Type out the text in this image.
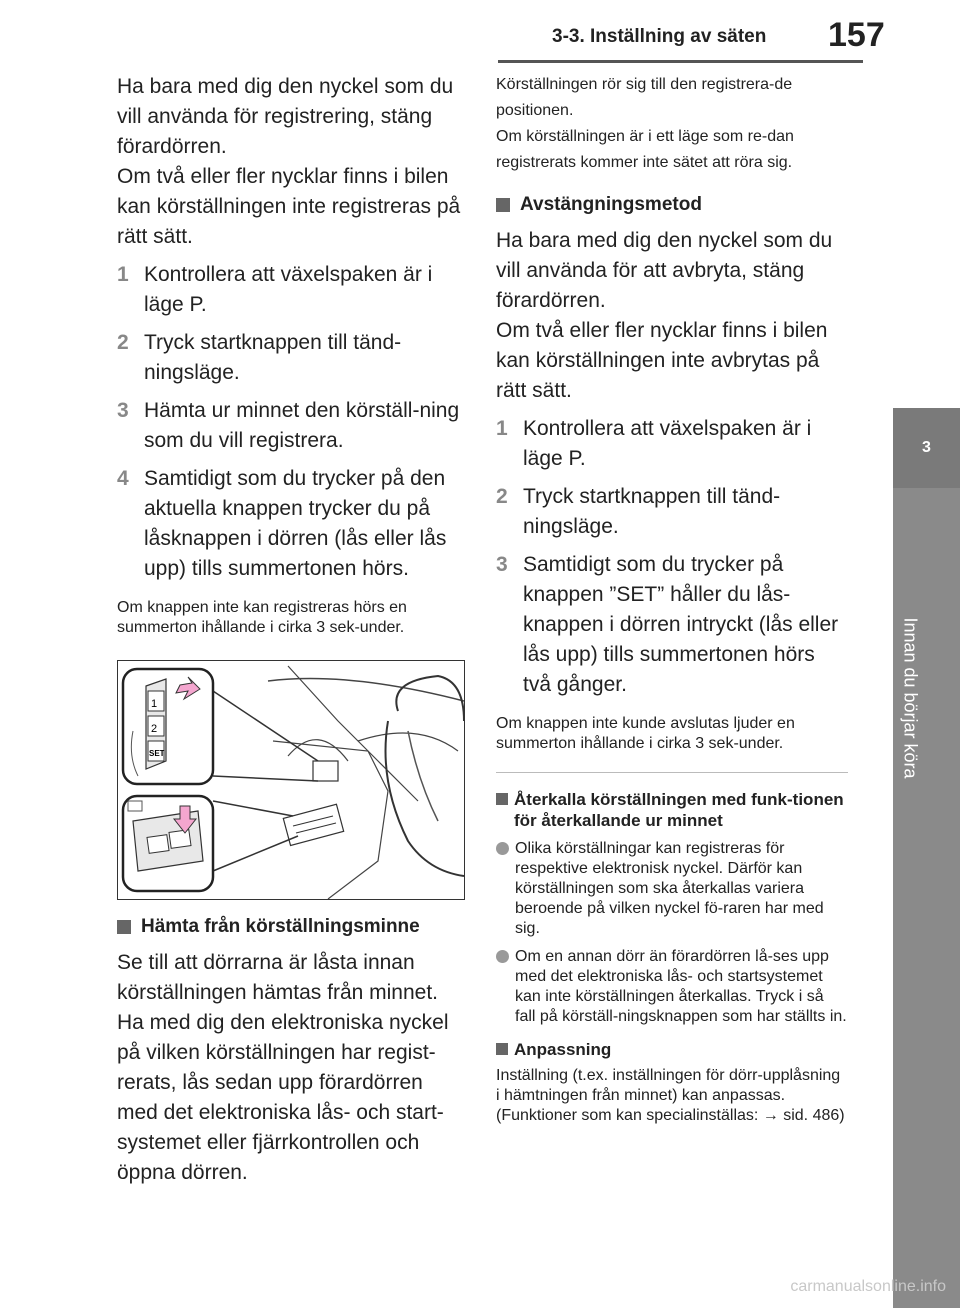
3-3. Inställning av säten 157
3
Innan du börjar köra

Ha bara med dig den nyckel som du vill använda för registrering, stäng förardörren.

Om två eller fler nycklar finns i bilen kan körställningen inte registreras på rätt sätt.

1 Kontrollera att växelspaken är i läge P.
2 Tryck startknappen till tänd-ningsläge.
3 Hämta ur minnet den körställ-ning som du vill registrera.
4 Samtidigt som du trycker på den aktuella knappen trycker du på låsknappen i dörren (lås eller lås upp) tills summertonen hörs.

Om knappen inte kan registreras hörs en summerton ihållande i cirka 3 sek-under.

1
2
SET
Hämta från körställningsminne

Se till att dörrarna är låsta innan körställningen hämtas från minnet.

Ha med dig den elektroniska nyckel på vilken körställningen har regist-rerats, lås sedan upp förardörren med det elektroniska lås- och start-systemet eller fjärrkontrollen och öppna dörren.

Körställningen rör sig till den registrera-de positionen.

Om körställningen är i ett läge som re-dan registrerats kommer inte sätet att röra sig.

Avstängningsmetod

Ha bara med dig den nyckel som du vill använda för att avbryta, stäng förardörren.

Om två eller fler nycklar finns i bilen kan körställningen inte avbrytas på rätt sätt.

1 Kontrollera att växelspaken är i läge P.
2 Tryck startknappen till tänd-ningsläge.
3 Samtidigt som du trycker på knappen ”SET” håller du lås-knappen i dörren intryckt (lås eller lås upp) tills summertonen hörs två gånger.

Om knappen inte kunde avslutas ljuder en summerton ihållande i cirka 3 sek-under.

Återkalla körställningen med funk-tionen för återkallande ur minnet
Olika körställningar kan registreras för respektive elektronisk nyckel. Därför kan körställningen som ska återkallas variera beroende på vilken nyckel fö-raren har med sig.
Om en annan dörr än förardörren lå-ses upp med det elektroniska lås- och startsystemet kan inte körställningen återkallas. Tryck i så fall på körställ-ningsknappen som har ställts in.
Anpassning

Inställning (t.ex. inställningen för dörr-upplåsning i hämtningen från minnet) kan anpassas. (Funktioner som kan specialinställas: → sid. 486)

carmanualsonline.info
